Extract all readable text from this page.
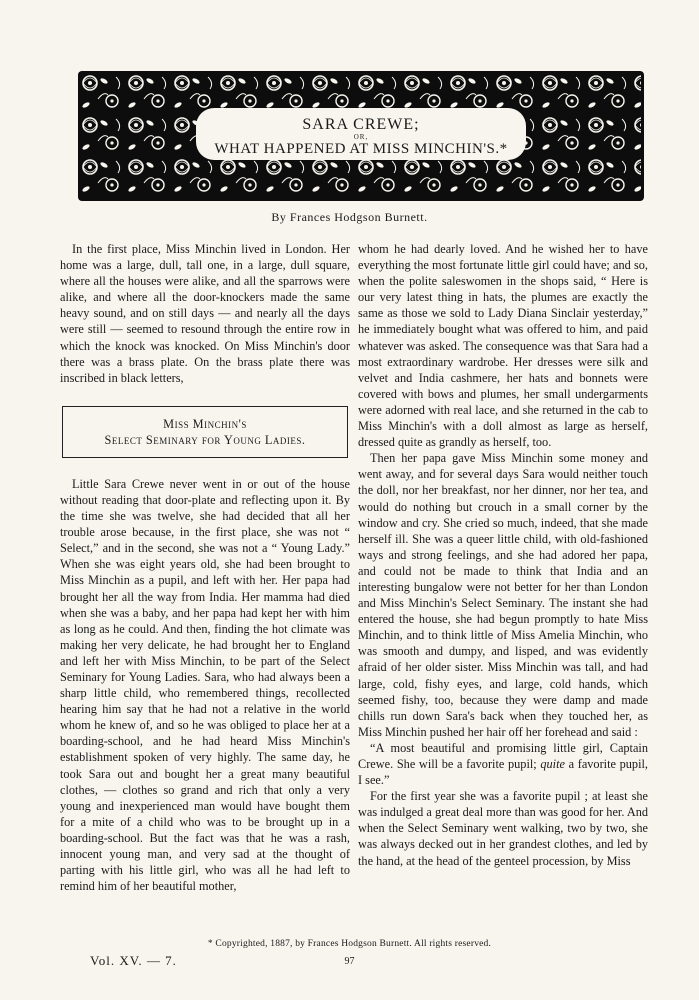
SARA CREWE;
OR,
WHAT HAPPENED AT MISS MINCHIN'S.*
By Frances Hodgson Burnett.

In the first place, Miss Minchin lived in London. Her home was a large, dull, tall one, in a large, dull square, where all the houses were alike, and all the sparrows were alike, and where all the door-knockers made the same heavy sound, and on still days — and nearly all the days were still — seemed to resound through the entire row in which the knock was knocked. On Miss Minchin's door there was a brass plate. On the brass plate there was inscribed in black letters,

Miss Minchin's
Select Seminary for Young Ladies.

Little Sara Crewe never went in or out of the house without reading that door-plate and reflecting upon it. By the time she was twelve, she had decided that all her trouble arose because, in the first place, she was not “ Select,” and in the second, she was not a “ Young Lady.” When she was eight years old, she had been brought to Miss Minchin as a pupil, and left with her. Her papa had brought her all the way from India. Her mamma had died when she was a baby, and her papa had kept her with him as long as he could. And then, finding the hot climate was making her very delicate, he had brought her to England and left her with Miss Minchin, to be part of the Select Seminary for Young Ladies. Sara, who had always been a sharp little child, who remembered things, recollected hearing him say that he had not a relative in the world whom he knew of, and so he was obliged to place her at a boarding-school, and he had heard Miss Minchin's establishment spoken of very highly. The same day, he took Sara out and bought her a great many beautiful clothes, — clothes so grand and rich that only a very young and inexperienced man would have bought them for a mite of a child who was to be brought up in a boarding-school. But the fact was that he was a rash, innocent young man, and very sad at the thought of parting with his little girl, who was all he had left to remind him of her beautiful mother,

whom he had dearly loved. And he wished her to have everything the most fortunate little girl could have; and so, when the polite saleswomen in the shops said, “ Here is our very latest thing in hats, the plumes are exactly the same as those we sold to Lady Diana Sinclair yesterday,” he immediately bought what was offered to him, and paid whatever was asked. The consequence was that Sara had a most extraordinary wardrobe. Her dresses were silk and velvet and India cashmere, her hats and bonnets were covered with bows and plumes, her small undergarments were adorned with real lace, and she returned in the cab to Miss Minchin's with a doll almost as large as herself, dressed quite as grandly as herself, too.

Then her papa gave Miss Minchin some money and went away, and for several days Sara would neither touch the doll, nor her breakfast, nor her dinner, nor her tea, and would do nothing but crouch in a small corner by the window and cry. She cried so much, indeed, that she made herself ill. She was a queer little child, with old-fashioned ways and strong feelings, and she had adored her papa, and could not be made to think that India and an interesting bungalow were not better for her than London and Miss Minchin's Select Seminary. The instant she had entered the house, she had begun promptly to hate Miss Minchin, and to think little of Miss Amelia Minchin, who was smooth and dumpy, and lisped, and was evidently afraid of her older sister. Miss Minchin was tall, and had large, cold, fishy eyes, and large, cold hands, which seemed fishy, too, because they were damp and made chills run down Sara's back when they touched her, as Miss Minchin pushed her hair off her forehead and said :

“A most beautiful and promising little girl, Captain Crewe. She will be a favorite pupil; quite a favorite pupil, I see.”

For the first year she was a favorite pupil ; at least she was indulged a great deal more than was good for her. And when the Select Seminary went walking, two by two, she was always decked out in her grandest clothes, and led by the hand, at the head of the genteel procession, by Miss

* Copyrighted, 1887, by Frances Hodgson Burnett. All rights reserved.
Vol. XV. — 7.	97
